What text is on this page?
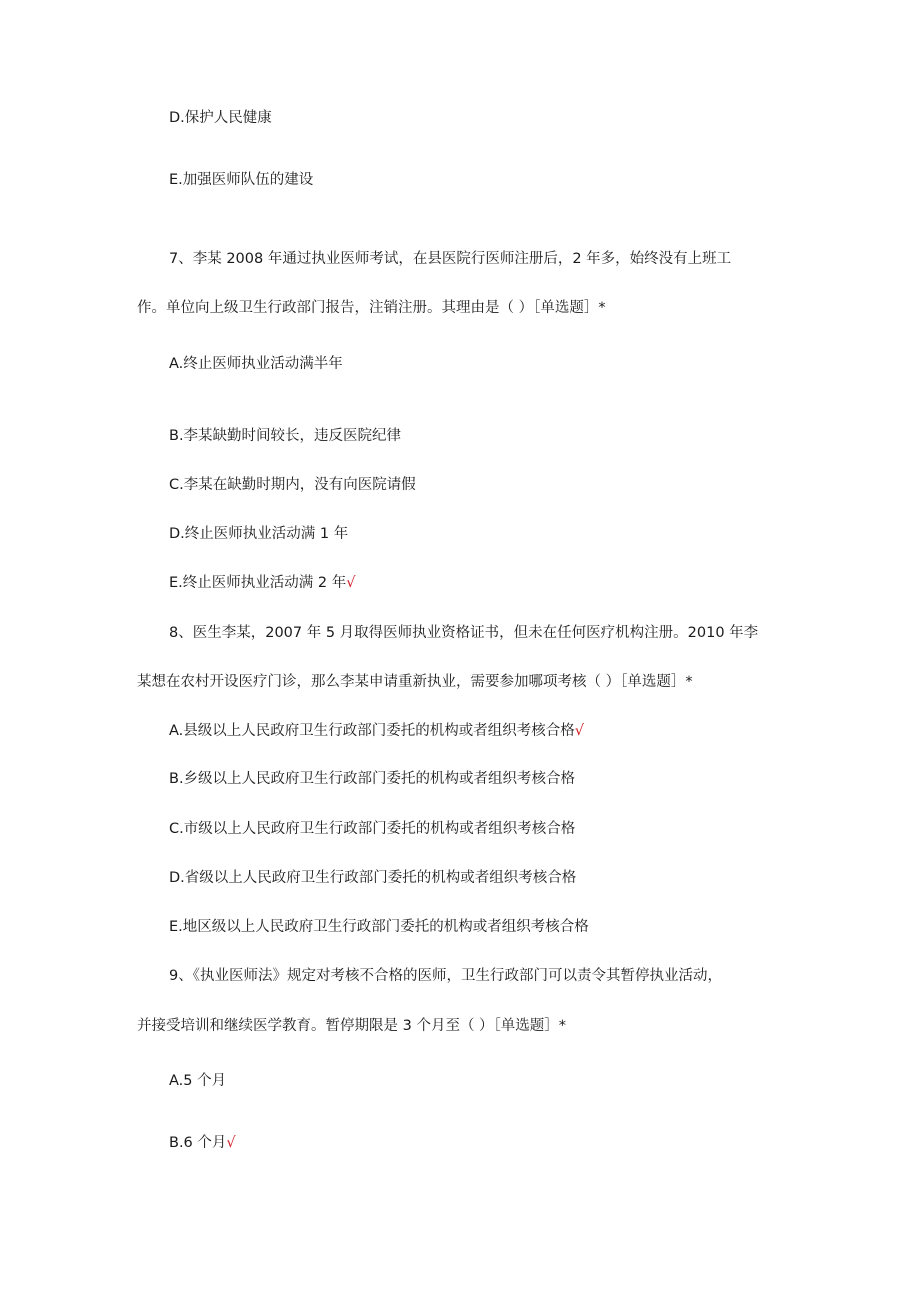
D.保护人民健康
E.加强医师队伍的建设
7、李某 2008 年通过执业医师考试，在县医院行医师注册后，2 年多，始终没有上班工
作。单位向上级卫生行政部门报告，注销注册。其理由是（ ）［单选题］*
A.终止医师执业活动满半年
B.李某缺勤时间较长，违反医院纪律
C.李某在缺勤时期内，没有向医院请假
D.终止医师执业活动满 1 年
E.终止医师执业活动满 2 年√
8、医生李某，2007 年 5 月取得医师执业资格证书，但未在任何医疗机构注册。2010 年李
某想在农村开设医疗门诊，那么李某申请重新执业，需要参加哪项考核（ ）［单选题］*
A.县级以上人民政府卫生行政部门委托的机构或者组织考核合格√
B.乡级以上人民政府卫生行政部门委托的机构或者组织考核合格
C.市级以上人民政府卫生行政部门委托的机构或者组织考核合格
D.省级以上人民政府卫生行政部门委托的机构或者组织考核合格
E.地区级以上人民政府卫生行政部门委托的机构或者组织考核合格
9、《执业医师法》规定对考核不合格的医师，卫生行政部门可以责令其暂停执业活动，
并接受培训和继续医学教育。暂停期限是 3 个月至（ ）［单选题］*
A.5 个月
B.6 个月√
